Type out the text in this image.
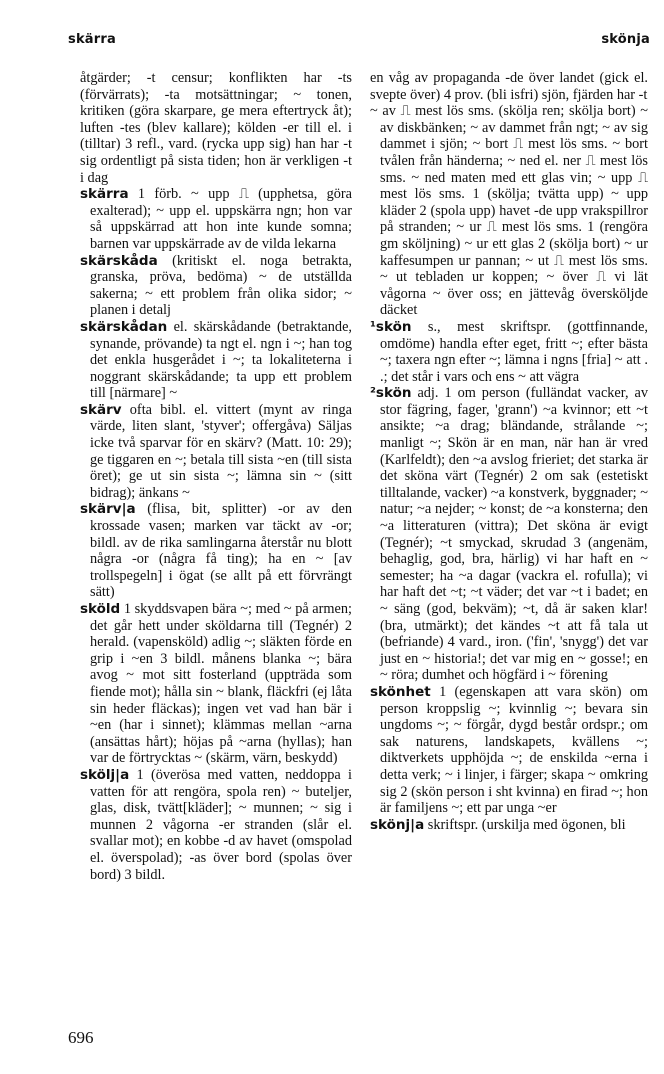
skärra	skönja

åtgärder; -t censur; konflikten har -ts (förvärrats); -ta motsättningar; ~ tonen, kritiken (göra skarpare, ge mera eftertryck åt); luften -tes (blev kallare); kölden -er till el. i (tilltar) 3 refl., vard. (rycka upp sig) han har -t sig ordentligt på sista tiden; hon är verkligen -t i dag

skärra 1 förb. ~ upp ⎍ (upphetsa, göra exalterad); ~ upp el. uppskärra ngn; hon var så uppskärrad att hon inte kunde somna; barnen var uppskärrade av de vilda lekarna

skärskåda (kritiskt el. noga betrakta, granska, pröva, bedöma) ~ de utställda sakerna; ~ ett problem från olika sidor; ~ planen i detalj

skärskådan el. skärskådande (betraktande, synande, prövande) ta ngt el. ngn i ~; han tog det enkla husgerådet i ~; ta lokaliteterna i noggrant skärskådande; ta upp ett problem till [närmare] ~

skärv ofta bibl. el. vittert (mynt av ringa värde, liten slant, 'styver'; offergåva) Säljas icke två sparvar för en skärv? (Matt. 10: 29); ge tiggaren en ~; betala till sista ~en (till sista öret); ge ut sin sista ~; lämna sin ~ (sitt bidrag); änkans ~

skärv|a (flisa, bit, splitter) -or av den krossade vasen; marken var täckt av -or; bildl. av de rika samlingarna återstår nu blott några -or (några få ting); ha en ~ [av trollspegeln] i ögat (se allt på ett förvrängt sätt)

sköld 1 skyddsvapen bära ~; med ~ på armen; det går hett under sköldarna till (Tegnér) 2 herald. (vapensköld) adlig ~; släkten förde en grip i ~en 3 bildl. månens blanka ~; bära avog ~ mot sitt fosterland (uppträda som fiende mot); hålla sin ~ blank, fläckfri (ej låta sin heder fläckas); ingen vet vad han bär i ~en (har i sinnet); klämmas mellan ~arna (ansättas hårt); höjas på ~arna (hyllas); han var de förtrycktas ~ (skärm, värn, beskydd)

skölj|a 1 (överösa med vatten, neddoppa i vatten för att rengöra, spola ren) ~ buteljer, glas, disk, tvätt[kläder]; ~ munnen; ~ sig i munnen 2 vågorna -er stranden (slår el. svallar mot); en kobbe -d av havet (omspolad el. överspolad); -as över bord (spolas över bord) 3 bildl.

en våg av propaganda -de över landet (gick el. svepte över) 4 prov. (bli isfri) sjön, fjärden har -t

~ av ⎍ mest lös sms. (skölja ren; skölja bort) ~ av diskbänken; ~ av dammet från ngt; ~ av sig dammet i sjön; ~ bort ⎍ mest lös sms. ~ bort tvålen från händerna; ~ ned el. ner ⎍ mest lös sms. ~ ned maten med ett glas vin; ~ upp ⎍ mest lös sms. 1 (skölja; tvätta upp) ~ upp kläder 2 (spola upp) havet -de upp vrakspillror på stranden; ~ ur ⎍ mest lös sms. 1 (rengöra gm sköljning) ~ ur ett glas 2 (skölja bort) ~ ur kaffesumpen ur pannan; ~ ut ⎍ mest lös sms. ~ ut tebladen ur koppen; ~ över ⎍ vi lät vågorna ~ över oss; en jättevåg översköljde däcket

¹skön s., mest skriftspr. (gottfinnande, omdöme) handla efter eget, fritt ~; efter bästa ~; taxera ngn efter ~; lämna i ngns [fria] ~ att . .; det står i vars och ens ~ att vägra

²skön adj. 1 om person (fulländat vacker, av stor fägring, fager, 'grann') ~a kvinnor; ett ~t ansikte; ~a drag; bländande, strålande ~; manligt ~; Skön är en man, när han är vred (Karlfeldt); den ~a avslog frieriet; det starka är det sköna värt (Tegnér) 2 om sak (estetiskt tilltalande, vacker) ~a konstverk, byggnader; ~ natur; ~a nejder; ~ konst; de ~a konsterna; den ~a litteraturen (vittra); Det sköna är evigt (Tegnér); ~t smyckad, skrudad 3 (angenäm, behaglig, god, bra, härlig) vi har haft en ~ semester; ha ~a dagar (vackra el. rofulla); vi har haft det ~t; ~t väder; det var ~t i badet; en ~ säng (god, bekväm); ~t, då är saken klar! (bra, utmärkt); det kändes ~t att få tala ut (befriande) 4 vard., iron. ('fin', 'snygg') det var just en ~ historia!; det var mig en ~ gosse!; en ~ röra; dumhet och högfärd i ~ förening

skönhet 1 (egenskapen att vara skön) om person kroppslig ~; kvinnlig ~; bevara sin ungdoms ~; ~ förgår, dygd består ordspr.; om sak naturens, landskapets, kvällens ~; diktverkets upphöjda ~; de enskilda ~erna i detta verk; ~ i linjer, i färger; skapa ~ omkring sig 2 (skön person i sht kvinna) en firad ~; hon är familjens ~; ett par unga ~er

skönj|a skriftspr. (urskilja med ögonen, bli

696
